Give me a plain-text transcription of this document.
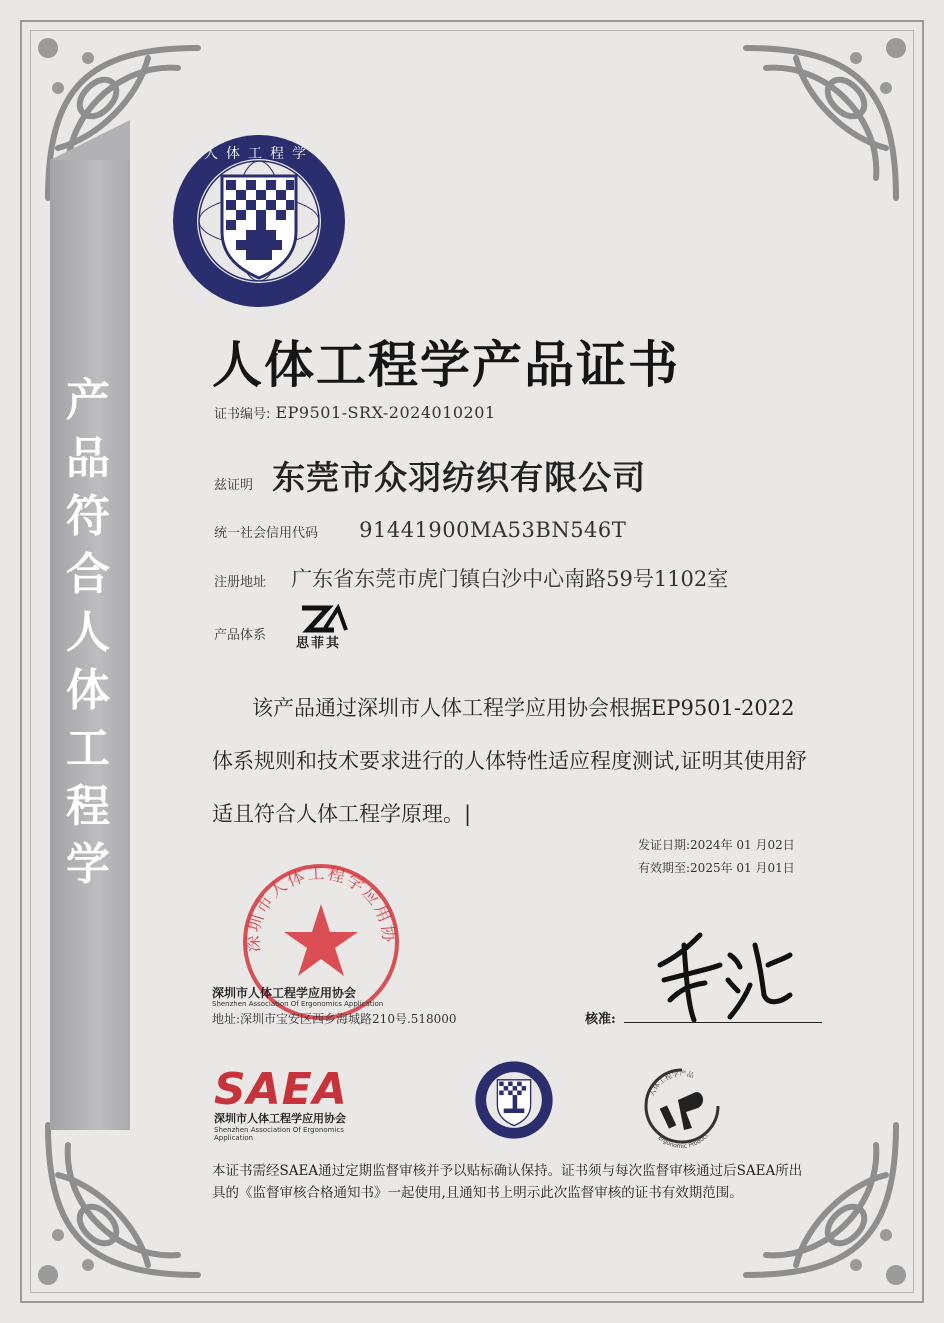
产品符合人体工程学
人体工程学
人体工程学产品证书
证书编号: EP9501-SRX-2024010201
兹证明 东莞市众羽纺织有限公司
统一社会信用代码 91441900MA53BN546T
注册地址 广东省东莞市虎门镇白沙中心南路59号1102室
产品体系
思菲其
该产品通过深圳市人体工程学应用协会根据EP9501-2022体系规则和技术要求进行的人体特性适应程度测试,证明其使用舒适且符合人体工程学原理。|
发证日期:2024年 01 月02日
有效期至:2025年 01 月01日
深圳市人体工程学应用协
深圳市人体工程学应用协会
Shenzhen Association Of Ergonomics Application
地址:深圳市宝安区西乡海城路210号.518000	核准:
SAEA
深圳市人体工程学应用协会
Shenzhen Association Of Ergonomics Application
人体工程学产品
Ergonomic Product
本证书需经SAEA通过定期监督审核并予以贴标确认保持。证书须与每次监督审核通过后SAEA所出具的《监督审核合格通知书》一起使用,且通知书上明示此次监督审核的证书有效期范围。
